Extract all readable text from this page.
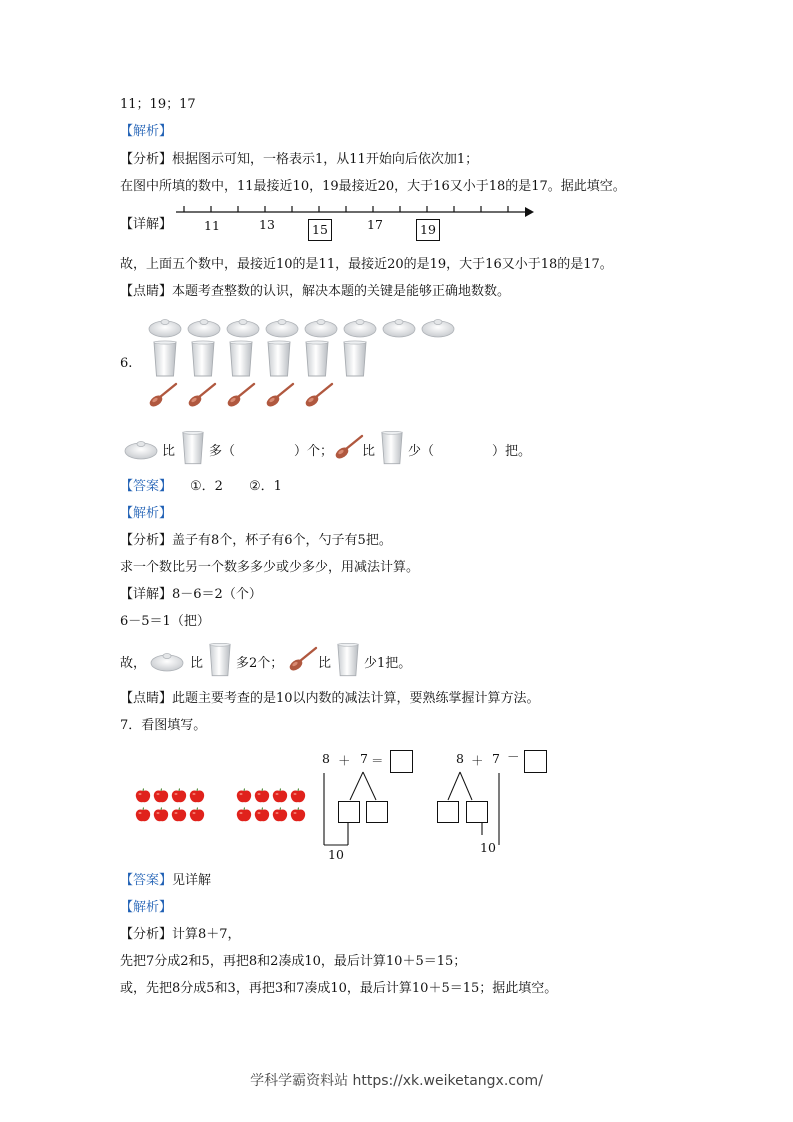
11；19；17
【解析】
【分析】根据图示可知，一格表示1，从11开始向后依次加1；
在图中所填的数中，11最接近10，19最接近20，大于16又小于18的是17。据此填空。
【详解】	11	13	15	17	19
故，上面五个数中，最接近10的是11，最接近20的是19，大于16又小于18的是17。
【点睛】本题考查整数的认识，解决本题的关键是能够正确地数数。
6.
比	多（	）个； 比	少（	）把。
【答案】 ①．2　　②．1
【解析】
【分析】盖子有8个，杯子有6个，勺子有5把。
求一个数比另一个数多多少或少多少，用减法计算。
【详解】8－6＝2（个）
6－5＝1（把）
故，	比	多2个；	比	少1把。
【点睛】此题主要考查的是10以内数的减法计算，要熟练掌握计算方法。
7．看图填写。
8 ＋ 7 ＝
10
8 ＋ 7 －
10
【答案】见详解
【解析】
【分析】计算8＋7，
先把7分成2和5，再把8和2凑成10，最后计算10＋5＝15；
或，先把8分成5和3，再把3和7凑成10，最后计算10＋5＝15；据此填空。
学科学霸资料站 https://xk.weiketangx.com/
